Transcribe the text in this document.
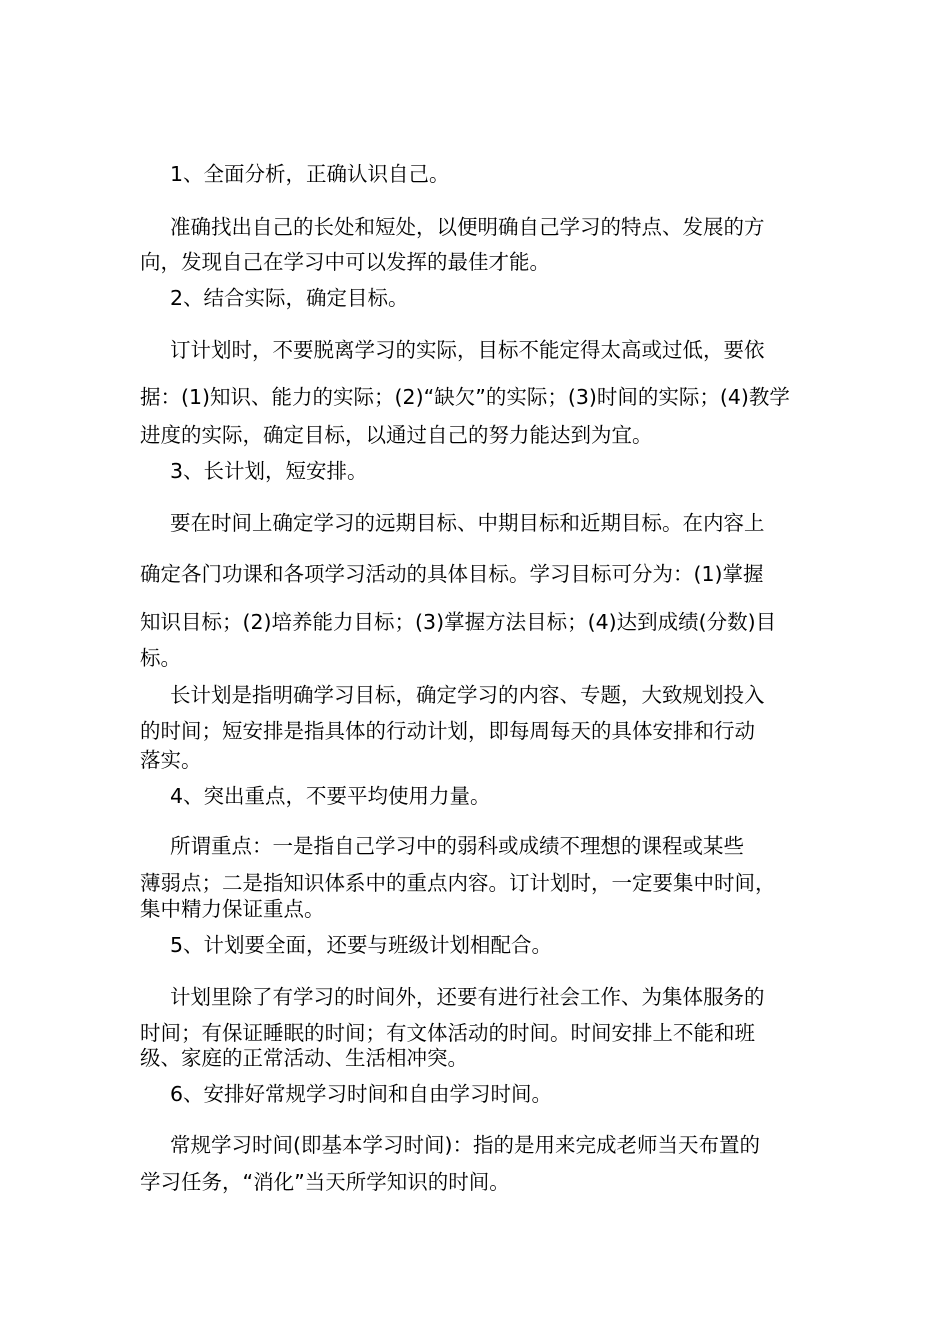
1、全面分析，正确认识自己。

准确找出自己的长处和短处，以便明确自己学习的特点、发展的方

向，发现自己在学习中可以发挥的最佳才能。

2、结合实际，确定目标。

订计划时，不要脱离学习的实际，目标不能定得太高或过低，要依

据：(1)知识、能力的实际；(2)“缺欠”的实际；(3)时间的实际；(4)教学

进度的实际，确定目标，以通过自己的努力能达到为宜。

3、长计划，短安排。

要在时间上确定学习的远期目标、中期目标和近期目标。在内容上

确定各门功课和各项学习活动的具体目标。学习目标可分为：(1)掌握

知识目标；(2)培养能力目标；(3)掌握方法目标；(4)达到成绩(分数)目

标。

长计划是指明确学习目标，确定学习的内容、专题，大致规划投入

的时间；短安排是指具体的行动计划，即每周每天的具体安排和行动

落实。

4、突出重点，不要平均使用力量。

所谓重点：一是指自己学习中的弱科或成绩不理想的课程或某些

薄弱点；二是指知识体系中的重点内容。订计划时，一定要集中时间，

集中精力保证重点。

5、计划要全面，还要与班级计划相配合。

计划里除了有学习的时间外，还要有进行社会工作、为集体服务的

时间；有保证睡眠的时间；有文体活动的时间。时间安排上不能和班

级、家庭的正常活动、生活相冲突。

6、安排好常规学习时间和自由学习时间。

常规学习时间(即基本学习时间)：指的是用来完成老师当天布置的

学习任务，“消化”当天所学知识的时间。
